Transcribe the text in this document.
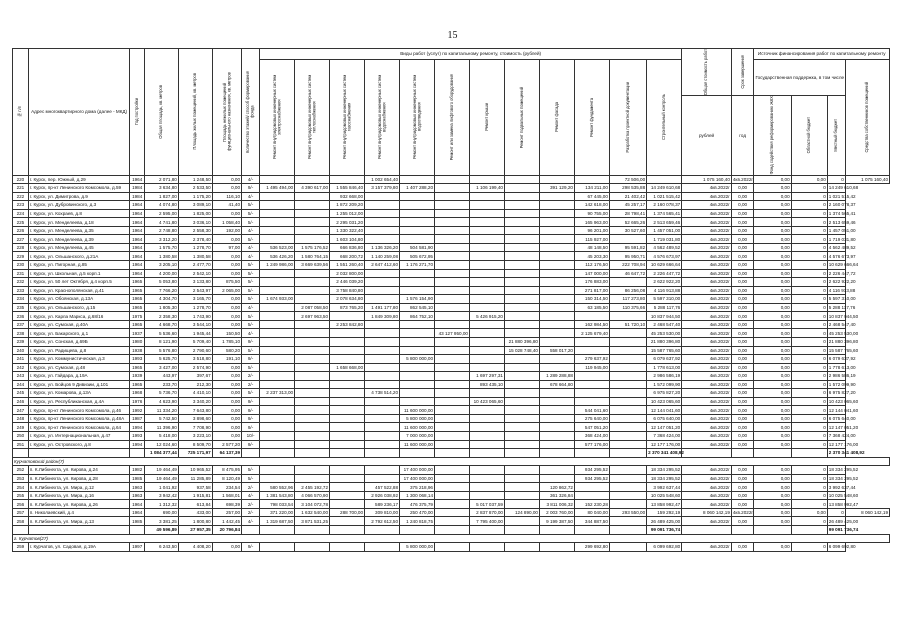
15
№ п/п	Адрес многоквартирного дома (далее - МКД)	Год постройки	Общая площадь, кв. метров	Площадь жилых помещений, кв. метров	Площадь нежилых помещений функционального назначения, кв. метров	Количество этажей/ способ формирования фонда	Виды работ (услуг) по капитальному ремонту, стоимость (рублей)												Общая стоимость работ	Срок завершения	Источник финансирования работ по капитальному ремонту			

							Ремонт внутридомовых инженерных систем электроснабжения	Ремонт внутридомовых инженерных систем теплоснабжения	Ремонт внутридомовых инженерных систем газоснабжения	Ремонт внутридомовых инженерных систем водоснабжения	Ремонт внутридомовых инженерных систем водоотведения	Ремонт или замена лифтового оборудования	Ремонт крыши	Ремонт подвальных помещений	Ремонт фасада	Ремонт фундамента	Разработка проектной документации	Строительный контроль			Государственная поддержка, в том числе			Средства собственников помещений

																			рублей	год	Фонд содействия реформированию ЖКХ	Областной бюджет	Местный бюджет	

220	г. Курск, пер. Южный, д.29	1964	2 071,80	1 248,50	0,00	4/-				1 002 654,40							72 506,00		1 075 160,40	4кв.2022г	0,00	0,00	0	1 075 160,40
221	г. Курск, пр-кт Ленинского Комсомола, д.59	1984	3 634,80	2 533,50	0,00	9/-	1 495 494,00	4 390 617,00	1 555 846,40	3 157 379,80	1 407 288,20		1 106 199,40		391 129,20	134 211,00	298 535,88	14 249 610,68	4кв.2022г	0,00	0,00	0	14 249 610,68	
222	г. Курск, ул. Димитрова, д.9	1984	1 827,00	1 175,20	116,10	4/-			932 668,00							67 445,00	21 402,42	1 021 515,42	4кв.2022г	0,00	0,00	0	1 021 515,42	
223	г. Курск, ул. Дубровинского, д.3	1964	4 074,80	3 089,10	41,40	5/-			1 872 209,20							142 618,00	45 257,17	2 160 078,37	4кв.2022г	0,00	0,00	0	2 160 078,37	
224	г. Курск, ул. Кохраев, д.8	1964	2 595,00	1 825,00	0,00	5/-			1 255 012,00							90 755,00	28 798,41	1 374 565,41	4кв.2022г	0,00	0,00	0	1 374 565,41	
225	г. Курск, ул. Менделеева, д.18	1964	4 741,80	3 036,10	1 058,40	5/-			2 295 031,20							165 963,00	52 665,26	2 513 659,46	4кв.2022г	0,00	0,00	0	2 513 659,46	
226	г. Курск, ул. Менделеева, д.35	1964	2 748,80	2 558,30	192,00	4/-			1 330 322,40							96 201,00	30 527,60	1 457 051,00	4кв.2022г	0,00	0,00	0	1 457 051,00	
227	г. Курск, ул. Менделеева, д.39	1964	3 312,20	2 378,40	0,00	5/-			1 603 104,80							115 927,00		1 719 031,80	4кв.2022г	0,00	0,00	0	1 719 031,80	
228	г. Курск, ул. Менделеева, д.45	1964	1 575,70	1 278,70	97,00	4/-	536 523,00	1 575 176,52	666 836,80	1 136 326,20	504 581,90					48 148,50	95 591,82	4 562 489,52	4кв.2022г	0,00	0,00	0	4 562 489,52	
229	г. Курск, ул. Ольшанского, д.21А	1964	1 380,58	1 380,58	0,00	4/-	536 426,20	1 580 764,15	668 200,72	1 140 259,08	505 672,95					45 203,30	95 950,71	4 576 673,97	4кв.2022г	0,00	0,00	0	4 576 673,97	
230	г. Курск, ул. Пигорная, д.85	1964	3 205,10	2 477,70	0,00	5/-	1 249 986,00	3 669 639,56	1 551 260,40	2 647 412,60	1 176 271,70					112 176,50	222 708,94	10 629 666,64	4кв.2022г	0,00	0,00	0	10 629 666,64	
231	г. Курск, ул. Школьная, д.5 корп.1	1964	4 200,00	2 542,10	0,00	5/-			2 032 800,00							147 000,00	46 647,72	2 226 447,72	4кв.2022г	0,00	0,00	0	2 226 447,72	
232	г. Курск, ул. 50 лет Октября, д.4 корп.5	1965	5 053,80	3 133,80	875,50	5/-			2 446 039,20							176 883,00		2 622 922,20	4кв.2022г	0,00	0,00	0	2 622 922,20	
233	г. Курск, ул. Краснополянская, д.41	1965	7 766,20	2 543,97	2 065,00	5/-			3 758 840,80							271 817,00	86 256,08	4 116 913,88	4кв.2022г	0,00	0,00	0	4 116 913,88	
234	г. Курск, ул. Обоянская, д.13А	1965	4 304,70	3 165,70	0,00	5/-	1 674 933,00		2 078 634,80		1 576 154,90					150 314,50	117 273,80	5 597 310,00	4кв.2022г	0,00	0,00	0	5 597 310,00	
235	г. Курск, ул. Ольшанского, д.15	1965	1 805,30	1 278,70	0,00	4/-		2 087 058,50	873 765,20	1 491 177,80	862 545,10					63 185,50	110 375,66	5 288 117,76	4кв.2022г	0,00	0,00	0	5 288 117,76	
236	г. Курск, ул. Карла Маркса, д.68/16	1975	2 358,30	1 743,90	0,00	5/-		2 697 963,50		1 849 309,80	864 752,10		5 426 915,20					10 837 944,50	4кв.2022г	0,00	0,00	0	10 837 944,50	
237	г. Курск, ул. Сумская, д.40А	1965	4 668,70	3 544,10	0,00	5/-			2 253 842,80							162 984,50	51 720,10	2 468 547,40	4кв.2022г	0,00	0,00	0	2 468 547,40	
238	г. Курск, ул. Бакарского, д.1	1937	5 536,60	1 945,44	150,50	4/-						43 127 950,00				2 125 679,40		45 253 530,00	4кв.2022г	0,00	0,00	0	45 253 530,00	
239	г. Курск, ул. Сонская, д.69Б	1980	8 121,90	5 709,40	1 785,10	9/-								21 880 396,80				21 880 396,80	4кв.2022г	0,00	0,00	0	21 880 396,80	
240	г. Курск, ул. Радищева, д.8	1938	5 576,80	2 790,60	580,20	5/-								15 028 748,40	558 017,20			15 587 765,60	4кв.2022г	0,00	0,00	0	15 587 765,60	
241	г. Курск, ул. Коммунистическая, д.3	1993	5 625,70	3 518,80	191,10	9/-					5 800 000,00					279 637,92		6 079 637,92	4кв.2022г	0,00	0,00	0	6 079 637,92	
242	г. Курск, ул. Сумская, д.48	1965	3 427,00	2 574,90	0,00	5/-			1 658 668,00							119 945,00		1 778 613,00	4кв.2022г	0,00	0,00	0	1 778 613,00	
243	г. Курск, ул. Гайдара, д.19А	1939	443,97	397,67	0,00	2/-							1 697 297,31		1 289 288,88			2 986 586,19	4кв.2022г	0,00	0,00	0	2 986 586,19	
244	г. Курск, ул. Бойцов 9 Дивизии, д.101	1965	233,70	212,30	0,00	2/-							893 435,10		678 664,80			1 572 099,90	4кв.2022г	0,00	0,00	0	1 572 099,90	
245	г. Курск, ул. Комарова, д.13А	1968	5 736,70	4 410,10	0,00	5/-	2 237 313,00			4 738 514,20								6 975 827,20	4кв.2022г	0,00	0,00	0	6 975 827,20	
246	г. Курск, ул. Республиканская, д.4А	1976	4 623,90	3 340,20	0,00	9/-							10 423 065,60					10 423 065,60	4кв.2022г	0,00	0,00	0	10 423 065,60	
247	г. Курск, пр-кт Ленинского Комсомола, д.46	1992	11 334,20	7 643,80	0,00	9/-					11 600 000,00					544 041,60		12 144 041,60	4кв.2022г	0,00	0,00	0	12 144 041,60	
248	г. Курск, пр-кт Ленинского Комсомола, д.48А	1987	5 742,50	3 898,60	0,00	9/-					5 800 000,00					275 640,00		6 075 640,00	4кв.2022г	0,00	0,00	0	6 075 640,00	
249	г. Курск, пр-кт Ленинского Комсомола, д.64	1994	11 396,90	7 708,90	0,00	9/-					11 600 000,00					547 051,20		12 147 051,20	4кв.2022г	0,00	0,00	0	12 147 051,20	
250	г. Курск, ул. Интернациональная, д.47	1993	5 418,00	3 223,10	0,00	10/-					7 000 000,00					368 424,00		7 368 424,00	4кв.2022г	0,00	0,00	0	7 368 424,00	
251	г. Курск, ул. Островского, д.8	1994	12 024,60	8 509,70	2 577,20	9/-					11 600 000,00					577 176,00		12 177 176,00	4кв.2022г	0,00	0,00	0	12 177 176,00	
			1 084 377,44	725 171,97	64 137,39													2 370 341 408,92					2 370 341 408,92	
Курчатовский район(7)																								
252	п. К.Либкнехта, ул. Кирова, д.24	1982	19 464,49	10 965,52	8 475,95	5/-					17 400 000,00					934 295,52		18 334 295,52	4кв.2022г	0,00	0,00	0	18 334 295,52	
253	п. К.Либкнехта, ул. Кирова, д.28	1985	19 464,49	11 285,89	8 120,49	5/-					17 400 000,00					934 295,52		18 334 295,52	4кв.2022г	0,00	0,00	0	18 334 295,52	
254	п. К.Либкнехта, ул. Мира, д.12	1963	1 041,92	937,58	234,54	2/-	580 552,96	2 455 192,72		457 522,88	375 218,96				120 862,72			3 992 637,44	4кв.2022г	0,00	0,00	0	3 992 637,44	
255	п. К.Либкнехта, ул. Мира, д.16	1963	3 942,42	1 915,81	1 568,01	4/-	1 381 543,80	4 066 570,90		2 926 038,92	1 300 068,14				361 326,84			10 025 548,60	4кв.2022г	0,00	0,00	0	10 025 548,60	
256	п. К.Либкнехта, ул. Кирова, д.26	1964	1 312,32	613,84	698,39	2/-	798 033,54	3 104 072,78		589 236,17	476 375,79		5 017 037,59		3 811 006,32	152 230,28		13 858 992,47	4кв.2022г	0,00	0,00	0	13 858 992,47	
257	п. Николаевский, д.4	1964	690,00	433,00	257,00	2/-	371 220,00	1 632 540,00	288 700,00	309 810,00	250 470,00		2 837 870,00	124 890,00	2 003 760,00	80 040,00	293 550,00	159 292,19	8 060 142,19	4кв.2022г	0,00	0,00	0	8 060 142,19
258	п. К.Либкнехта, ул. Мира, д.13	1985	3 381,25	1 800,80	1 442,45	4/-	1 319 687,50	3 871 531,25		2 792 612,50	1 240 818,75		7 795 400,00		9 199 387,50	344 887,50		26 489 425,00	4кв.2022г	0,00	0,00	0	26 489 425,00	
			49 596,89	27 957,35	20 796,84													99 091 736,74					99 091 736,74	
г. Курчатов(27)																								
259	г. Курчатов, ул. Садовая, д.19А	1997	6 243,50	4 408,20	0,00	9/-					5 800 000,00					299 692,80		6 099 692,80	4кв.2022г	0,00	0,00	0	6 099 692,80	
